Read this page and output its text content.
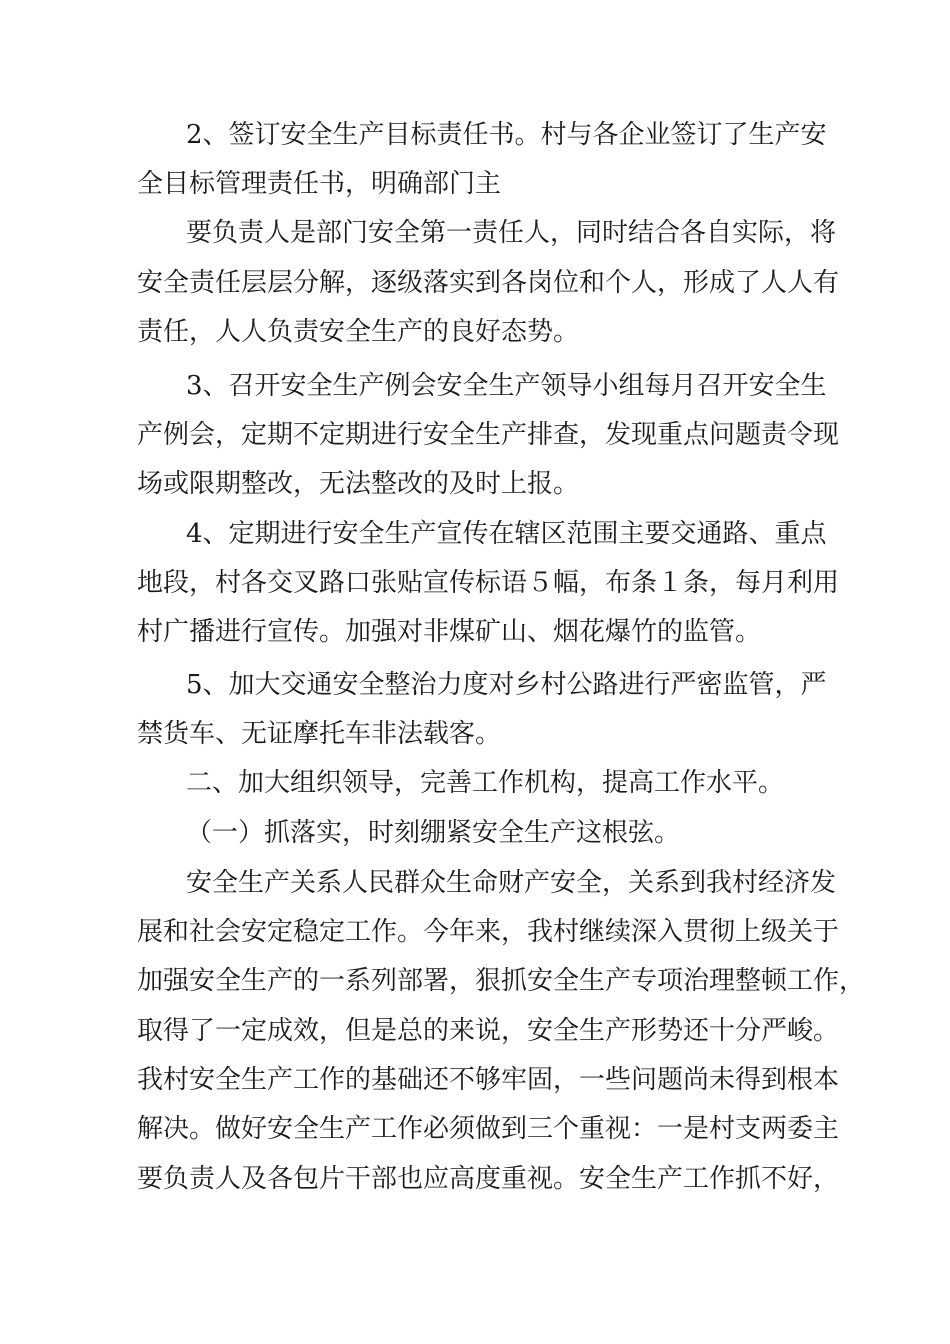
2、签订安全生产目标责任书。村与各企业签订了生产安
全目标管理责任书，明确部门主
要负责人是部门安全第一责任人，同时结合各自实际，将
安全责任层层分解，逐级落实到各岗位和个人，形成了人人有
责任，人人负责安全生产的良好态势。
3、召开安全生产例会安全生产领导小组每月召开安全生
产例会，定期不定期进行安全生产排查，发现重点问题责令现
场或限期整改，无法整改的及时上报。
4、定期进行安全生产宣传在辖区范围主要交通路、重点
地段，村各交叉路口张贴宣传标语５幅，布条１条，每月利用
村广播进行宣传。加强对非煤矿山、烟花爆竹的监管。
5、加大交通安全整治力度对乡村公路进行严密监管，严
禁货车、无证摩托车非法载客。
二、加大组织领导，完善工作机构，提高工作水平。
（一）抓落实，时刻绷紧安全生产这根弦。
安全生产关系人民群众生命财产安全，关系到我村经济发
展和社会安定稳定工作。今年来，我村继续深入贯彻上级关于
加强安全生产的一系列部署，狠抓安全生产专项治理整顿工作，
取得了一定成效，但是总的来说，安全生产形势还十分严峻。
我村安全生产工作的基础还不够牢固，一些问题尚未得到根本
解决。做好安全生产工作必须做到三个重视：一是村支两委主
要负责人及各包片干部也应高度重视。安全生产工作抓不好，
